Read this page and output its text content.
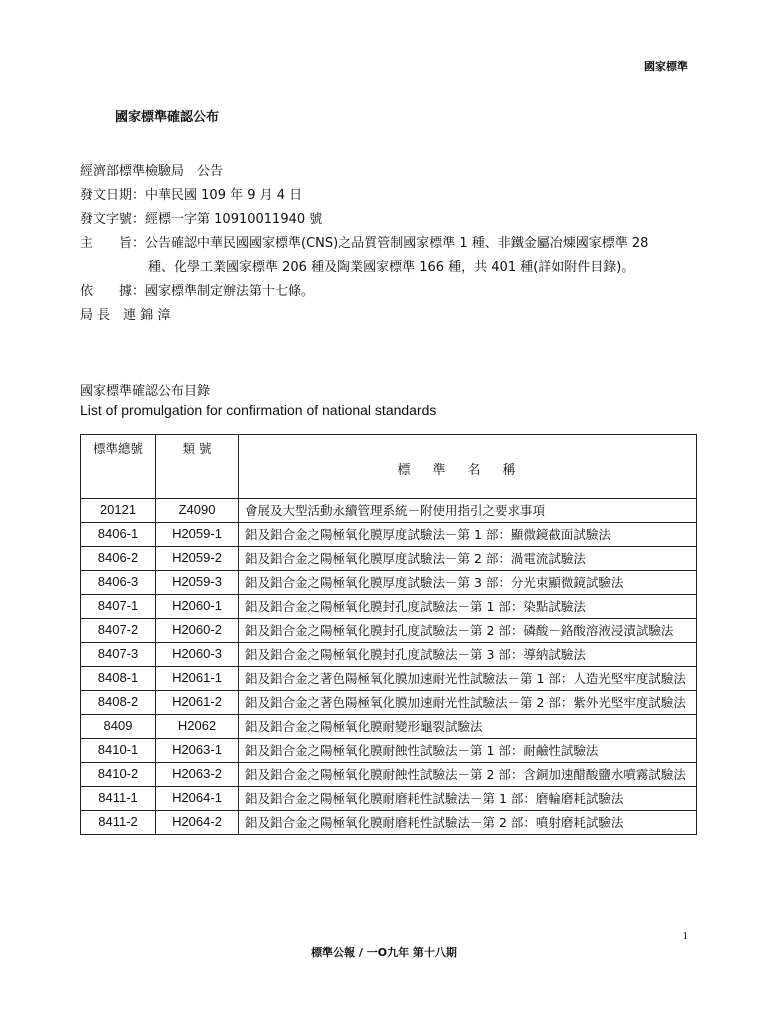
國家標準
國家標準確認公布
經濟部標準檢驗局　公告
發文日期： 中華民國 109 年 9 月 4 日
發文字號： 經標一字第 10910011940 號
主　　旨： 公告確認中華民國國家標準(CNS)之品質管制國家標準 1 種、非鐵金屬冶煉國家標準 28
種、化學工業國家標準 206 種及陶業國家標準 166 種，共 401 種(詳如附件目錄)。
依　　據： 國家標準制定辦法第十七條。
局 長　連 錦 漳
國家標準確認公布目錄
List of promulgation for confirmation of national standards
標準總號	類 號	標準名稱
20121	Z4090	會展及大型活動永續管理系統－附使用指引之要求事項
8406-1	H2059-1	鋁及鋁合金之陽極氧化膜厚度試驗法－第 1 部：顯微鏡截面試驗法
8406-2	H2059-2	鋁及鋁合金之陽極氧化膜厚度試驗法－第 2 部：渦電流試驗法
8406-3	H2059-3	鋁及鋁合金之陽極氧化膜厚度試驗法－第 3 部：分光束顯微鏡試驗法
8407-1	H2060-1	鋁及鋁合金之陽極氧化膜封孔度試驗法－第 1 部：染點試驗法
8407-2	H2060-2	鋁及鋁合金之陽極氧化膜封孔度試驗法－第 2 部：磷酸－鉻酸溶液浸漬試驗法
8407-3	H2060-3	鋁及鋁合金之陽極氧化膜封孔度試驗法－第 3 部：導納試驗法
8408-1	H2061-1	鋁及鋁合金之著色陽極氧化膜加速耐光性試驗法－第 1 部：人造光堅牢度試驗法
8408-2	H2061-2	鋁及鋁合金之著色陽極氧化膜加速耐光性試驗法－第 2 部：紫外光堅牢度試驗法
8409	H2062	鋁及鋁合金之陽極氧化膜耐變形龜裂試驗法
8410-1	H2063-1	鋁及鋁合金之陽極氧化膜耐蝕性試驗法－第 1 部：耐鹼性試驗法
8410-2	H2063-2	鋁及鋁合金之陽極氧化膜耐蝕性試驗法－第 2 部：含銅加速醋酸鹽水噴霧試驗法
8411-1	H2064-1	鋁及鋁合金之陽極氧化膜耐磨耗性試驗法－第 1 部：磨輪磨耗試驗法
8411-2	H2064-2	鋁及鋁合金之陽極氧化膜耐磨耗性試驗法－第 2 部：噴射磨耗試驗法
1
標準公報 / 一O九年 第十八期
